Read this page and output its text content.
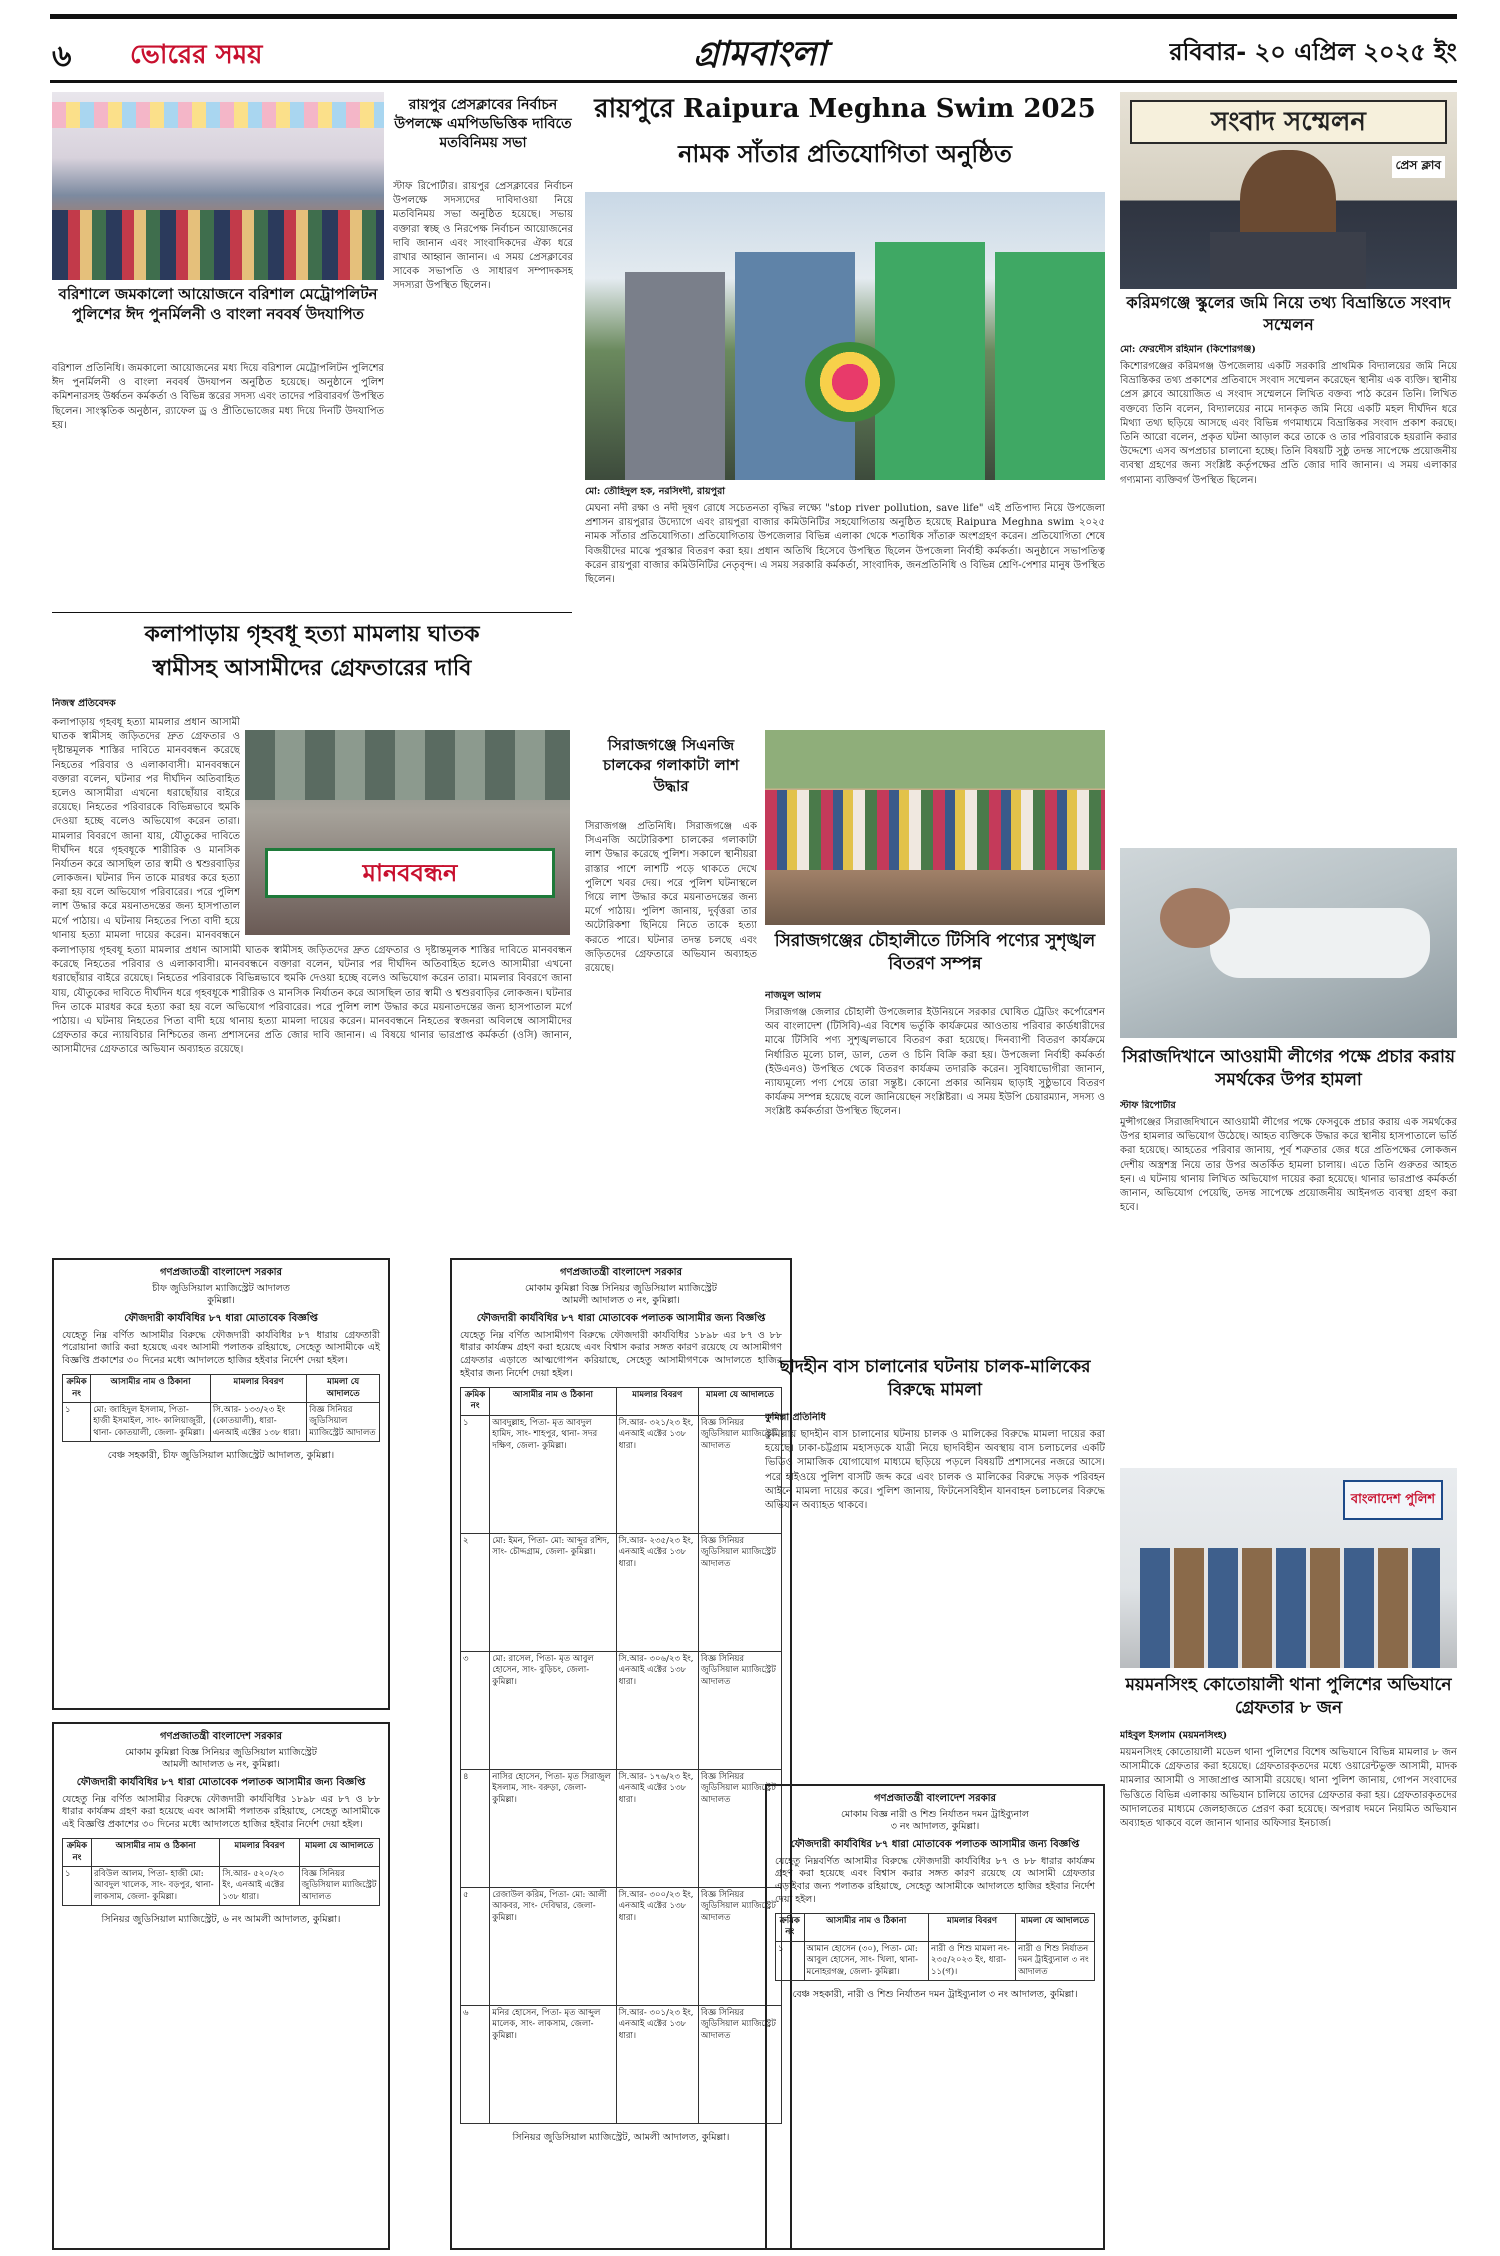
৬	ভোরের সময়	গ্রামবাংলা	রবিবার- ২০ এপ্রিল ২০২৫ ইং
বরিশালে জমকালো আয়োজনে বরিশাল মেট্রোপলিটন পুলিশের ঈদ পুনর্মিলনী ও বাংলা নববর্ষ উদযাপিত
বরিশাল প্রতিনিধি। জমকালো আয়োজনের মধ্য দিয়ে বরিশাল মেট্রোপলিটন পুলিশের ঈদ পুনর্মিলনী ও বাংলা নববর্ষ উদযাপন অনুষ্ঠিত হয়েছে। অনুষ্ঠানে পুলিশ কমিশনারসহ উর্ধ্বতন কর্মকর্তা ও বিভিন্ন স্তরের সদস্য এবং তাদের পরিবারবর্গ উপস্থিত ছিলেন। সাংস্কৃতিক অনুষ্ঠান, র‍্যাফেল ড্র ও প্রীতিভোজের মধ্য দিয়ে দিনটি উদযাপিত হয়।
রায়পুর প্রেসক্লাবের নির্বাচন উপলক্ষে এমপিডভিত্তিক দাবিতে মতবিনিময় সভা
স্টাফ রিপোর্টার। রায়পুর প্রেসক্লাবের নির্বাচন উপলক্ষে সদস্যদের দাবিদাওয়া নিয়ে মতবিনিময় সভা অনুষ্ঠিত হয়েছে। সভায় বক্তারা স্বচ্ছ ও নিরপেক্ষ নির্বাচন আয়োজনের দাবি জানান এবং সাংবাদিকদের ঐক্য ধরে রাখার আহ্বান জানান। এ সময় প্রেসক্লাবের সাবেক সভাপতি ও সাধারণ সম্পাদকসহ সদস্যরা উপস্থিত ছিলেন।
রায়পুরে Raipura Meghna Swim 2025
নামক সাঁতার প্রতিযোগিতা অনুষ্ঠিত
মো: তৌহিদুল হক, নরসিংদী, রায়পুরা
মেঘনা নদী রক্ষা ও নদী দূষণ রোধে সচেতনতা বৃদ্ধির লক্ষ্যে "stop river pollution, save life" এই প্রতিপাদ্য নিয়ে উপজেলা প্রশাসন রায়পুরার উদ্যোগে এবং রায়পুরা বাজার কমিউনিটির সহযোগিতায় অনুষ্ঠিত হয়েছে Raipura Meghna swim ২০২৫ নামক সাঁতার প্রতিযোগিতা। প্রতিযোগিতায় উপজেলার বিভিন্ন এলাকা থেকে শতাধিক সাঁতারু অংশগ্রহণ করেন। প্রতিযোগিতা শেষে বিজয়ীদের মাঝে পুরস্কার বিতরণ করা হয়। প্রধান অতিথি হিসেবে উপস্থিত ছিলেন উপজেলা নির্বাহী কর্মকর্তা। অনুষ্ঠানে সভাপতিত্ব করেন রায়পুরা বাজার কমিউনিটির নেতৃবৃন্দ। এ সময় সরকারি কর্মকর্তা, সাংবাদিক, জনপ্রতিনিধি ও বিভিন্ন শ্রেণি-পেশার মানুষ উপস্থিত ছিলেন।
সংবাদ সম্মেলন
প্রেস ক্লাব
করিমগঞ্জে স্কুলের জমি নিয়ে তথ্য বিভ্রান্তিতে সংবাদ সম্মেলন
মো: ফেরদৌস রহিমান (কিশোরগঞ্জ)
কিশোরগঞ্জের করিমগঞ্জ উপজেলায় একটি সরকারি প্রাথমিক বিদ্যালয়ের জমি নিয়ে বিভ্রান্তিকর তথ্য প্রকাশের প্রতিবাদে সংবাদ সম্মেলন করেছেন স্থানীয় এক ব্যক্তি। স্থানীয় প্রেস ক্লাবে আয়োজিত এ সংবাদ সম্মেলনে লিখিত বক্তব্য পাঠ করেন তিনি। লিখিত বক্তব্যে তিনি বলেন, বিদ্যালয়ের নামে দানকৃত জমি নিয়ে একটি মহল দীর্ঘদিন ধরে মিথ্যা তথ্য ছড়িয়ে আসছে এবং বিভিন্ন গণমাধ্যমে বিভ্রান্তিকর সংবাদ প্রকাশ করছে। তিনি আরো বলেন, প্রকৃত ঘটনা আড়াল করে তাকে ও তার পরিবারকে হয়রানি করার উদ্দেশ্যে এসব অপপ্রচার চালানো হচ্ছে। তিনি বিষয়টি সুষ্ঠু তদন্ত সাপেক্ষে প্রয়োজনীয় ব্যবস্থা গ্রহণের জন্য সংশ্লিষ্ট কর্তৃপক্ষের প্রতি জোর দাবি জানান। এ সময় এলাকার গণ্যমান্য ব্যক্তিবর্গ উপস্থিত ছিলেন।
কলাপাড়ায় গৃহবধূ হত্যা মামলায় ঘাতক
স্বামীসহ আসামীদের গ্রেফতারের দাবি
নিজস্ব প্রতিবেদক
মানববন্ধন
কলাপাড়ায় গৃহবধূ হত্যা মামলার প্রধান আসামী ঘাতক স্বামীসহ জড়িতদের দ্রুত গ্রেফতার ও দৃষ্টান্তমূলক শাস্তির দাবিতে মানববন্ধন করেছে নিহতের পরিবার ও এলাকাবাসী। মানববন্ধনে বক্তারা বলেন, ঘটনার পর দীর্ঘদিন অতিবাহিত হলেও আসামীরা এখনো ধরাছোঁয়ার বাইরে রয়েছে। নিহতের পরিবারকে বিভিন্নভাবে হুমকি দেওয়া হচ্ছে বলেও অভিযোগ করেন তারা। মামলার বিবরণে জানা যায়, যৌতুকের দাবিতে দীর্ঘদিন ধরে গৃহবধূকে শারীরিক ও মানসিক নির্যাতন করে আসছিল তার স্বামী ও শ্বশুরবাড়ির লোকজন। ঘটনার দিন তাকে মারধর করে হত্যা করা হয় বলে অভিযোগ পরিবারের। পরে পুলিশ লাশ উদ্ধার করে ময়নাতদন্তের জন্য হাসপাতাল মর্গে পাঠায়। এ ঘটনায় নিহতের পিতা বাদী হয়ে থানায় হত্যা মামলা দায়ের করেন। মানববন্ধনে
কলাপাড়ায় গৃহবধূ হত্যা মামলার প্রধান আসামী ঘাতক স্বামীসহ জড়িতদের দ্রুত গ্রেফতার ও দৃষ্টান্তমূলক শাস্তির দাবিতে মানববন্ধন করেছে নিহতের পরিবার ও এলাকাবাসী। মানববন্ধনে বক্তারা বলেন, ঘটনার পর দীর্ঘদিন অতিবাহিত হলেও আসামীরা এখনো ধরাছোঁয়ার বাইরে রয়েছে। নিহতের পরিবারকে বিভিন্নভাবে হুমকি দেওয়া হচ্ছে বলেও অভিযোগ করেন তারা। মামলার বিবরণে জানা যায়, যৌতুকের দাবিতে দীর্ঘদিন ধরে গৃহবধূকে শারীরিক ও মানসিক নির্যাতন করে আসছিল তার স্বামী ও শ্বশুরবাড়ির লোকজন। ঘটনার দিন তাকে মারধর করে হত্যা করা হয় বলে অভিযোগ পরিবারের। পরে পুলিশ লাশ উদ্ধার করে ময়নাতদন্তের জন্য হাসপাতাল মর্গে পাঠায়। এ ঘটনায় নিহতের পিতা বাদী হয়ে থানায় হত্যা মামলা দায়ের করেন। মানববন্ধনে নিহতের স্বজনরা অবিলম্বে আসামীদের গ্রেফতার করে ন্যায়বিচার নিশ্চিতের জন্য প্রশাসনের প্রতি জোর দাবি জানান। এ বিষয়ে থানার ভারপ্রাপ্ত কর্মকর্তা (ওসি) জানান, আসামীদের গ্রেফতারে অভিযান অব্যাহত রয়েছে।
সিরাজগঞ্জে সিএনজি চালকের গলাকাটা লাশ উদ্ধার
সিরাজগঞ্জ প্রতিনিধি। সিরাজগঞ্জে এক সিএনজি অটোরিকশা চালকের গলাকাটা লাশ উদ্ধার করেছে পুলিশ। সকালে স্থানীয়রা রাস্তার পাশে লাশটি পড়ে থাকতে দেখে পুলিশে খবর দেয়। পরে পুলিশ ঘটনাস্থলে গিয়ে লাশ উদ্ধার করে ময়নাতদন্তের জন্য মর্গে পাঠায়। পুলিশ জানায়, দুর্বৃত্তরা তার অটোরিকশা ছিনিয়ে নিতে তাকে হত্যা করতে পারে। ঘটনার তদন্ত চলছে এবং জড়িতদের গ্রেফতারে অভিযান অব্যাহত রয়েছে।
সিরাজগঞ্জের চৌহালীতে টিসিবি পণ্যের সুশৃঙ্খল বিতরণ সম্পন্ন
নাজমুল আলম
সিরাজগঞ্জ জেলার চৌহালী উপজেলার ইউনিয়নে সরকার ঘোষিত ট্রেডিং কর্পোরেশন অব বাংলাদেশ (টিসিবি)-এর বিশেষ ভর্তুকি কার্যক্রমের আওতায় পরিবার কার্ডধারীদের মাঝে টিসিবি পণ্য সুশৃঙ্খলভাবে বিতরণ করা হয়েছে। দিনব্যাপী বিতরণ কার্যক্রমে নির্ধারিত মূল্যে চাল, ডাল, তেল ও চিনি বিক্রি করা হয়। উপজেলা নির্বাহী কর্মকর্তা (ইউএনও) উপস্থিত থেকে বিতরণ কার্যক্রম তদারকি করেন। সুবিধাভোগীরা জানান, ন্যায্যমূল্যে পণ্য পেয়ে তারা সন্তুষ্ট। কোনো প্রকার অনিয়ম ছাড়াই সুষ্ঠুভাবে বিতরণ কার্যক্রম সম্পন্ন হয়েছে বলে জানিয়েছেন সংশ্লিষ্টরা। এ সময় ইউপি চেয়ারম্যান, সদস্য ও সংশ্লিষ্ট কর্মকর্তারা উপস্থিত ছিলেন।
সিরাজদিখানে আওয়ামী লীগের পক্ষে প্রচার করায় সমর্থকের উপর হামলা
স্টাফ রিপোর্টার
মুন্সীগঞ্জের সিরাজদিখানে আওয়ামী লীগের পক্ষে ফেসবুকে প্রচার করায় এক সমর্থকের উপর হামলার অভিযোগ উঠেছে। আহত ব্যক্তিকে উদ্ধার করে স্থানীয় হাসপাতালে ভর্তি করা হয়েছে। আহতের পরিবার জানায়, পূর্ব শত্রুতার জের ধরে প্রতিপক্ষের লোকজন দেশীয় অস্ত্রশস্ত্র নিয়ে তার উপর অতর্কিত হামলা চালায়। এতে তিনি গুরুতর আহত হন। এ ঘটনায় থানায় লিখিত অভিযোগ দায়ের করা হয়েছে। থানার ভারপ্রাপ্ত কর্মকর্তা জানান, অভিযোগ পেয়েছি, তদন্ত সাপেক্ষে প্রয়োজনীয় আইনগত ব্যবস্থা গ্রহণ করা হবে।
গণপ্রজাতন্ত্রী বাংলাদেশ সরকার
চীফ জুডিসিয়াল ম্যাজিস্ট্রেট আদালত
কুমিল্লা।
ফৌজদারী কার্যবিধির ৮৭ ধারা মোতাবেক বিজ্ঞপ্তি
যেহেতু নিম্ন বর্ণিত আসামীর বিরুদ্ধে ফৌজদারী কার্যবিধির ৮৭ ধারায় গ্রেফতারী পরোয়ানা জারি করা হয়েছে এবং আসামী পলাতক রহিয়াছে, সেহেতু আসামীকে এই বিজ্ঞপ্তি প্রকাশের ৩০ দিনের মধ্যে আদালতে হাজির হইবার নির্দেশ দেয়া হইল।
ক্রমিক নং	আসামীর নাম ও ঠিকানা	মামলার বিবরণ	মামলা যে আদালতে
১	মো: জাহিদুল ইসলাম, পিতা- হাজী ইসমাইল, সাং- কালিয়াজুরী, থানা- কোতয়ালী, জেলা- কুমিল্লা।	সি.আর- ১৩৩/২৩ ইং (কোতয়ালী), ধারা- এনআই এক্টের ১৩৮ ধারা।	বিজ্ঞ সিনিয়র জুডিসিয়াল ম্যাজিস্ট্রেট আদালত
বেঞ্চ সহকারী, চীফ জুডিসিয়াল ম্যাজিস্ট্রেট আদালত, কুমিল্লা।
গণপ্রজাতন্ত্রী বাংলাদেশ সরকার
মোকাম কুমিল্লা বিজ্ঞ সিনিয়র জুডিসিয়াল ম্যাজিস্ট্রেট
আমলী আদালত ৩ নং, কুমিল্লা।
ফৌজদারী কার্যবিধির ৮৭ ধারা মোতাবেক পলাতক আসামীর জন্য বিজ্ঞপ্তি
যেহেতু নিম্ন বর্ণিত আসামীগণ বিরুদ্ধে ফৌজদারী কার্যবিধির ১৮৯৮ এর ৮৭ ও ৮৮ ধারার কার্যক্রম গ্রহণ করা হয়েছে এবং বিশ্বাস করার সঙ্গত কারণ রয়েছে যে আসামীগণ গ্রেফতার এড়াতে আত্মগোপন করিয়াছে, সেহেতু আসামীগণকে আদালতে হাজির হইবার জন্য নির্দেশ দেয়া হইল।
ক্রমিক নং	আসামীর নাম ও ঠিকানা	মামলার বিবরণ	মামলা যে আদালতে
১	আবদুল্লাহ, পিতা- মৃত আবদুল হামিদ, সাং- শাহপুর, থানা- সদর দক্ষিণ, জেলা- কুমিল্লা।	সি.আর- ৩২১/২৩ ইং, এনআই এক্টের ১৩৮ ধারা।	বিজ্ঞ সিনিয়র জুডিসিয়াল ম্যাজিস্ট্রেট আদালত
২	মো: ইমন, পিতা- মো: আব্দুর রশিদ, সাং- চৌদ্দগ্রাম, জেলা- কুমিল্লা।	সি.আর- ২৩৫/২৩ ইং, এনআই এক্টের ১৩৮ ধারা।	বিজ্ঞ সিনিয়র জুডিসিয়াল ম্যাজিস্ট্রেট আদালত
৩	মো: রাসেল, পিতা- মৃত আবুল হোসেন, সাং- বুড়িচং, জেলা- কুমিল্লা।	সি.আর- ৩০৬/২৩ ইং, এনআই এক্টের ১৩৮ ধারা।	বিজ্ঞ সিনিয়র জুডিসিয়াল ম্যাজিস্ট্রেট আদালত
৪	নাসির হোসেন, পিতা- মৃত সিরাজুল ইসলাম, সাং- বরুড়া, জেলা- কুমিল্লা।	সি.আর- ১৭৬/২৩ ইং, এনআই এক্টের ১৩৮ ধারা।	বিজ্ঞ সিনিয়র জুডিসিয়াল ম্যাজিস্ট্রেট আদালত
৫	রেজাউল করিম, পিতা- মো: আলী আকবর, সাং- দেবিদ্বার, জেলা- কুমিল্লা।	সি.আর- ৩০০/২৩ ইং, এনআই এক্টের ১৩৮ ধারা।	বিজ্ঞ সিনিয়র জুডিসিয়াল ম্যাজিস্ট্রেট আদালত
৬	মনির হোসেন, পিতা- মৃত আব্দুল মালেক, সাং- লাকসাম, জেলা- কুমিল্লা।	সি.আর- ৩০১/২৩ ইং, এনআই এক্টের ১৩৮ ধারা।	বিজ্ঞ সিনিয়র জুডিসিয়াল ম্যাজিস্ট্রেট আদালত
সিনিয়র জুডিসিয়াল ম্যাজিস্ট্রেট, আমলী আদালত, কুমিল্লা।
গণপ্রজাতন্ত্রী বাংলাদেশ সরকার
মোকাম কুমিল্লা বিজ্ঞ সিনিয়র জুডিসিয়াল ম্যাজিস্ট্রেট
আমলী আদালত ৬ নং, কুমিল্লা।
ফৌজদারী কার্যবিধির ৮৭ ধারা মোতাবেক পলাতক আসামীর জন্য বিজ্ঞপ্তি
যেহেতু নিম্ন বর্ণিত আসামীর বিরুদ্ধে ফৌজদারী কার্যবিধির ১৮৯৮ এর ৮৭ ও ৮৮ ধারার কার্যক্রম গ্রহণ করা হয়েছে এবং আসামী পলাতক রহিয়াছে, সেহেতু আসামীকে এই বিজ্ঞপ্তি প্রকাশের ৩০ দিনের মধ্যে আদালতে হাজির হইবার নির্দেশ দেয়া হইল।
ক্রমিক নং	আসামীর নাম ও ঠিকানা	মামলার বিবরণ	মামলা যে আদালতে
১	রবিউল আলম, পিতা- হাজী মো: আবদুল খালেক, সাং- বড়পুর, থানা- লাকসাম, জেলা- কুমিল্লা।	সি.আর- ৫২০/২৩ ইং, এনআই এক্টের ১৩৮ ধারা।	বিজ্ঞ সিনিয়র জুডিসিয়াল ম্যাজিস্ট্রেট আদালত
সিনিয়র জুডিসিয়াল ম্যাজিস্ট্রেট, ৬ নং আমলী আদালত, কুমিল্লা।
ছাদহীন বাস চালানোর ঘটনায় চালক-মালিকের বিরুদ্ধে মামলা
কুমিল্লা প্রতিনিধি
কুমিল্লায় ছাদহীন বাস চালানোর ঘটনায় চালক ও মালিকের বিরুদ্ধে মামলা দায়ের করা হয়েছে। ঢাকা-চট্টগ্রাম মহাসড়কে যাত্রী নিয়ে ছাদবিহীন অবস্থায় বাস চলাচলের একটি ভিডিও সামাজিক যোগাযোগ মাধ্যমে ছড়িয়ে পড়লে বিষয়টি প্রশাসনের নজরে আসে। পরে হাইওয়ে পুলিশ বাসটি জব্দ করে এবং চালক ও মালিকের বিরুদ্ধে সড়ক পরিবহন আইনে মামলা দায়ের করে। পুলিশ জানায়, ফিটনেসবিহীন যানবাহন চলাচলের বিরুদ্ধে অভিযান অব্যাহত থাকবে।
গণপ্রজাতন্ত্রী বাংলাদেশ সরকার
মোকাম বিজ্ঞ নারী ও শিশু নির্যাতন দমন ট্রাইব্যুনাল
৩ নং আদালত, কুমিল্লা।
ফৌজদারী কার্যবিধির ৮৭ ধারা মোতাবেক পলাতক আসামীর জন্য বিজ্ঞপ্তি
যেহেতু নিম্নবর্ণিত আসামীর বিরুদ্ধে ফৌজদারী কার্যবিধির ৮৭ ও ৮৮ ধারার কার্যক্রম গ্রহণ করা হয়েছে এবং বিশ্বাস করার সঙ্গত কারণ রয়েছে যে আসামী গ্রেফতার এড়াইবার জন্য পলাতক রহিয়াছে, সেহেতু আসামীকে আদালতে হাজির হইবার নির্দেশ দেয়া হইল।
ক্রমিক নং	আসামীর নাম ও ঠিকানা	মামলার বিবরণ	মামলা যে আদালতে
১	আমান হোসেন (৩০), পিতা- মো: আবুল হোসেন, সাং- খিলা, থানা- মনোহরগঞ্জ, জেলা- কুমিল্লা।	নারী ও শিশু মামলা নং- ২৩৫/২০২৩ ইং, ধারা- ১১(গ)।	নারী ও শিশু নির্যাতন দমন ট্রাইব্যুনাল ৩ নং আদালত
বেঞ্চ সহকারী, নারী ও শিশু নির্যাতন দমন ট্রাইব্যুনাল ৩ নং আদালত, কুমিল্লা।
বাংলাদেশ পুলিশ
ময়মনসিংহ কোতোয়ালী থানা পুলিশের অভিযানে গ্রেফতার ৮ জন
মহিবুল ইসলাম (ময়মনসিংহ)
ময়মনসিংহ কোতোয়ালী মডেল থানা পুলিশের বিশেষ অভিযানে বিভিন্ন মামলার ৮ জন আসামীকে গ্রেফতার করা হয়েছে। গ্রেফতারকৃতদের মধ্যে ওয়ারেন্টভুক্ত আসামী, মাদক মামলার আসামী ও সাজাপ্রাপ্ত আসামী রয়েছে। থানা পুলিশ জানায়, গোপন সংবাদের ভিত্তিতে বিভিন্ন এলাকায় অভিযান চালিয়ে তাদের গ্রেফতার করা হয়। গ্রেফতারকৃতদের আদালতের মাধ্যমে জেলহাজতে প্রেরণ করা হয়েছে। অপরাধ দমনে নিয়মিত অভিযান অব্যাহত থাকবে বলে জানান থানার অফিসার ইনচার্জ।
